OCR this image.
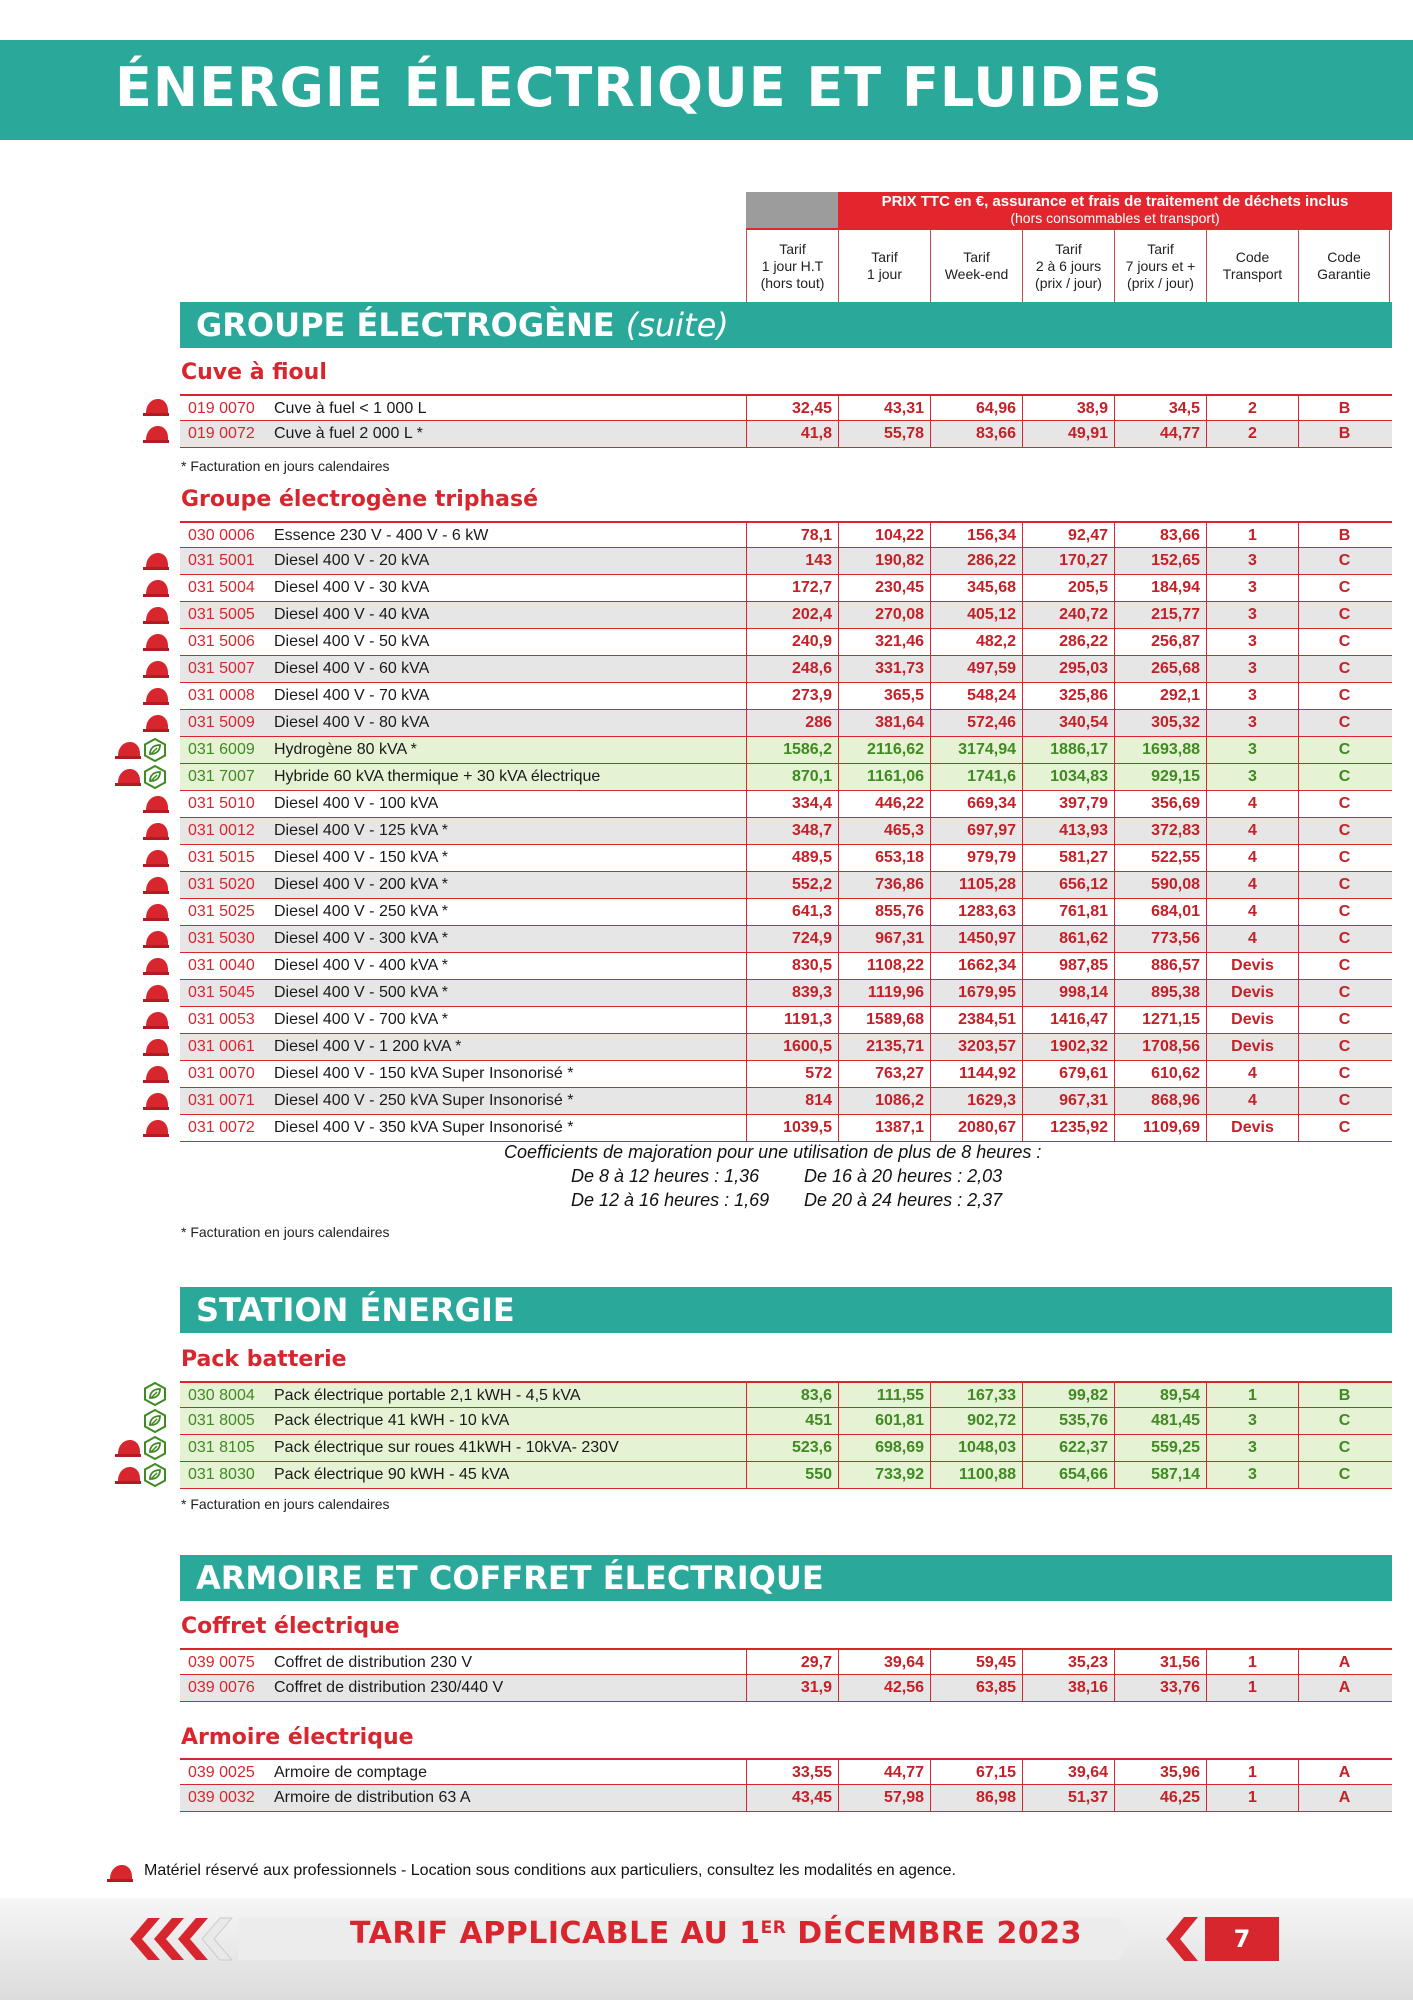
ÉNERGIE ÉLECTRIQUE ET FLUIDES
PRIX TTC en €, assurance et frais de traitement de déchets inclus
(hors consommables et transport)
Tarif
1 jour H.T
(hors tout)
Tarif
1 jour
Tarif
Week-end
Tarif
2 à 6 jours
(prix / jour)
Tarif
7 jours et +
(prix / jour)
Code
Transport
Code
Garantie
GROUPE ÉLECTROGÈNE (suite)
STATION ÉNERGIE
ARMOIRE ET COFFRET ÉLECTRIQUE
Cuve à fioul
Groupe électrogène triphasé
Pack batterie
Coffret électrique
Armoire électrique
* Facturation en jours calendaires
* Facturation en jours calendaires
* Facturation en jours calendaires
019 0070 Cuve à fuel < 1 000 L	32,45	43,31	64,96	38,9	34,5	2	B
019 0072 Cuve à fuel 2 000 L *	41,8	55,78	83,66	49,91	44,77	2	B
030 0006 Essence 230 V - 400 V - 6 kW	78,1	104,22	156,34	92,47	83,66	1	B
031 5001 Diesel 400 V - 20 kVA	143	190,82	286,22	170,27	152,65	3	C
031 5004 Diesel 400 V - 30 kVA	172,7	230,45	345,68	205,5	184,94	3	C
031 5005 Diesel 400 V - 40 kVA	202,4	270,08	405,12	240,72	215,77	3	C
031 5006 Diesel 400 V - 50 kVA	240,9	321,46	482,2	286,22	256,87	3	C
031 5007 Diesel 400 V - 60 kVA	248,6	331,73	497,59	295,03	265,68	3	C
031 0008 Diesel 400 V - 70 kVA	273,9	365,5	548,24	325,86	292,1	3	C
031 5009 Diesel 400 V - 80 kVA	286	381,64	572,46	340,54	305,32	3	C
031 6009 Hydrogène 80 kVA *	1586,2	2116,62	3174,94	1886,17	1693,88	3	C
031 7007 Hybride 60 kVA thermique + 30 kVA électrique	870,1	1161,06	1741,6	1034,83	929,15	3	C
031 5010 Diesel 400 V - 100 kVA	334,4	446,22	669,34	397,79	356,69	4	C
031 0012 Diesel 400 V - 125 kVA *	348,7	465,3	697,97	413,93	372,83	4	C
031 5015 Diesel 400 V - 150 kVA *	489,5	653,18	979,79	581,27	522,55	4	C
031 5020 Diesel 400 V - 200 kVA *	552,2	736,86	1105,28	656,12	590,08	4	C
031 5025 Diesel 400 V - 250 kVA *	641,3	855,76	1283,63	761,81	684,01	4	C
031 5030 Diesel 400 V - 300 kVA *	724,9	967,31	1450,97	861,62	773,56	4	C
031 0040 Diesel 400 V - 400 kVA *	830,5	1108,22	1662,34	987,85	886,57	Devis	C
031 5045 Diesel 400 V - 500 kVA *	839,3	1119,96	1679,95	998,14	895,38	Devis	C
031 0053 Diesel 400 V - 700 kVA *	1191,3	1589,68	2384,51	1416,47	1271,15	Devis	C
031 0061 Diesel 400 V - 1 200 kVA *	1600,5	2135,71	3203,57	1902,32	1708,56	Devis	C
031 0070 Diesel 400 V - 150 kVA Super Insonorisé *	572	763,27	1144,92	679,61	610,62	4	C
031 0071 Diesel 400 V - 250 kVA Super Insonorisé *	814	1086,2	1629,3	967,31	868,96	4	C
031 0072 Diesel 400 V - 350 kVA Super Insonorisé *	1039,5	1387,1	2080,67	1235,92	1109,69	Devis	C
030 8004 Pack électrique portable 2,1 kWH - 4,5 kVA	83,6	111,55	167,33	99,82	89,54	1	B
031 8005 Pack électrique 41 kWH - 10 kVA	451	601,81	902,72	535,76	481,45	3	C
031 8105 Pack électrique sur roues 41kWH - 10kVA- 230V	523,6	698,69	1048,03	622,37	559,25	3	C
031 8030 Pack électrique 90 kWH - 45 kVA	550	733,92	1100,88	654,66	587,14	3	C
039 0075 Coffret de distribution 230 V	29,7	39,64	59,45	35,23	31,56	1	A
039 0076 Coffret de distribution 230/440 V	31,9	42,56	63,85	38,16	33,76	1	A
039 0025 Armoire de comptage	33,55	44,77	67,15	39,64	35,96	1	A
039 0032 Armoire de distribution 63 A	43,45	57,98	86,98	51,37	46,25	1	A
Coefficients de majoration pour une utilisation de plus de 8 heures :
De 8 à 12 heures : 1,36 De 16 à 20 heures : 2,03
De 12 à 16 heures : 1,69 De 20 à 24 heures : 2,37
Matériel réservé aux professionnels - Location sous conditions aux particuliers, consultez les modalités en agence.
TARIF APPLICABLE AU 1ER DÉCEMBRE 2023	7
